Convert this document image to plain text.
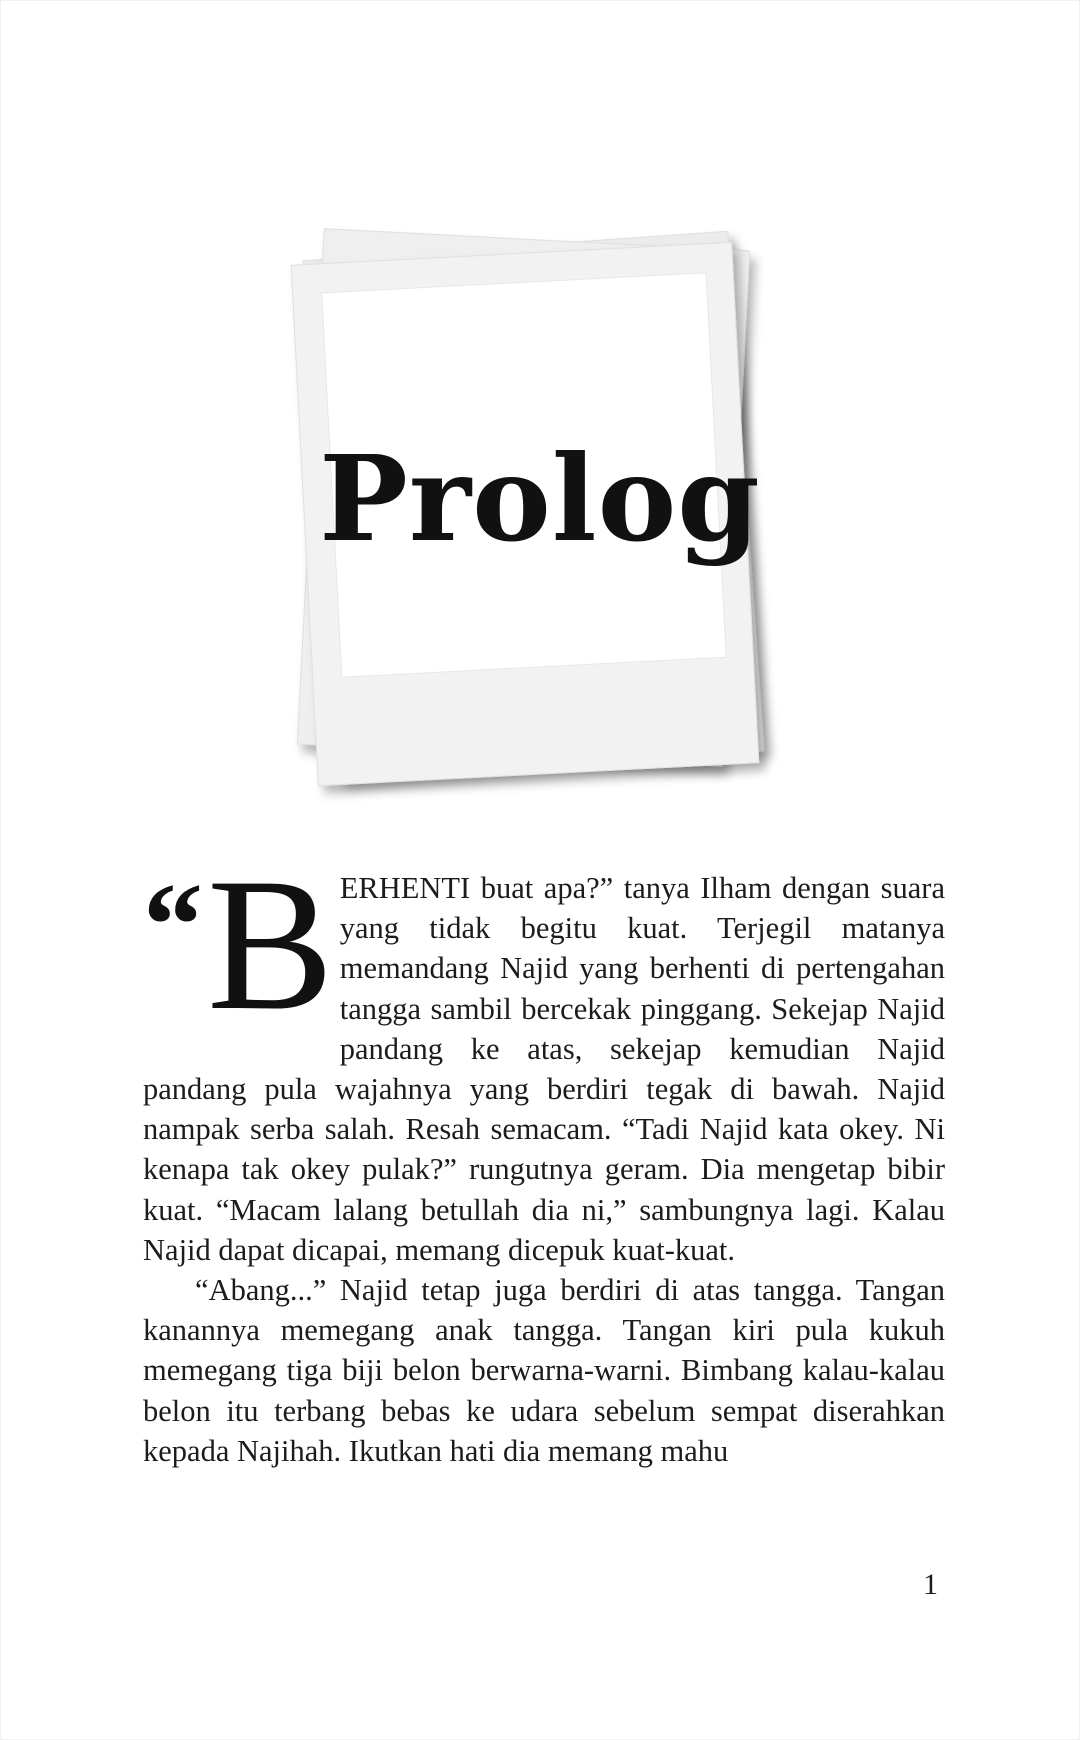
Prolog

“ B ERHENTI buat apa?” tanya Ilham dengan suara yang tidak begitu kuat. Terjegil matanya memandang Najid yang berhenti di pertengahan tangga sambil bercekak pinggang. Sekejap Najid pandang ke atas, sekejap kemudian Najid pandang pula wajahnya yang berdiri tegak di bawah. Najid nampak serba salah. Resah semacam. “Tadi Najid kata okey. Ni kenapa tak okey pulak?” rungutnya geram. Dia mengetap bibir kuat. “Macam lalang betullah dia ni,” sambungnya lagi. Kalau Najid dapat dicapai, memang dicepuk kuat-kuat.

“Abang...” Najid tetap juga berdiri di atas tangga. Tangan kanannya memegang anak tangga. Tangan kiri pula kukuh memegang tiga biji belon berwarna-warni. Bimbang kalau-kalau belon itu terbang bebas ke udara sebelum sempat diserahkan kepada Najihah. Ikutkan hati dia memang mahu

1
